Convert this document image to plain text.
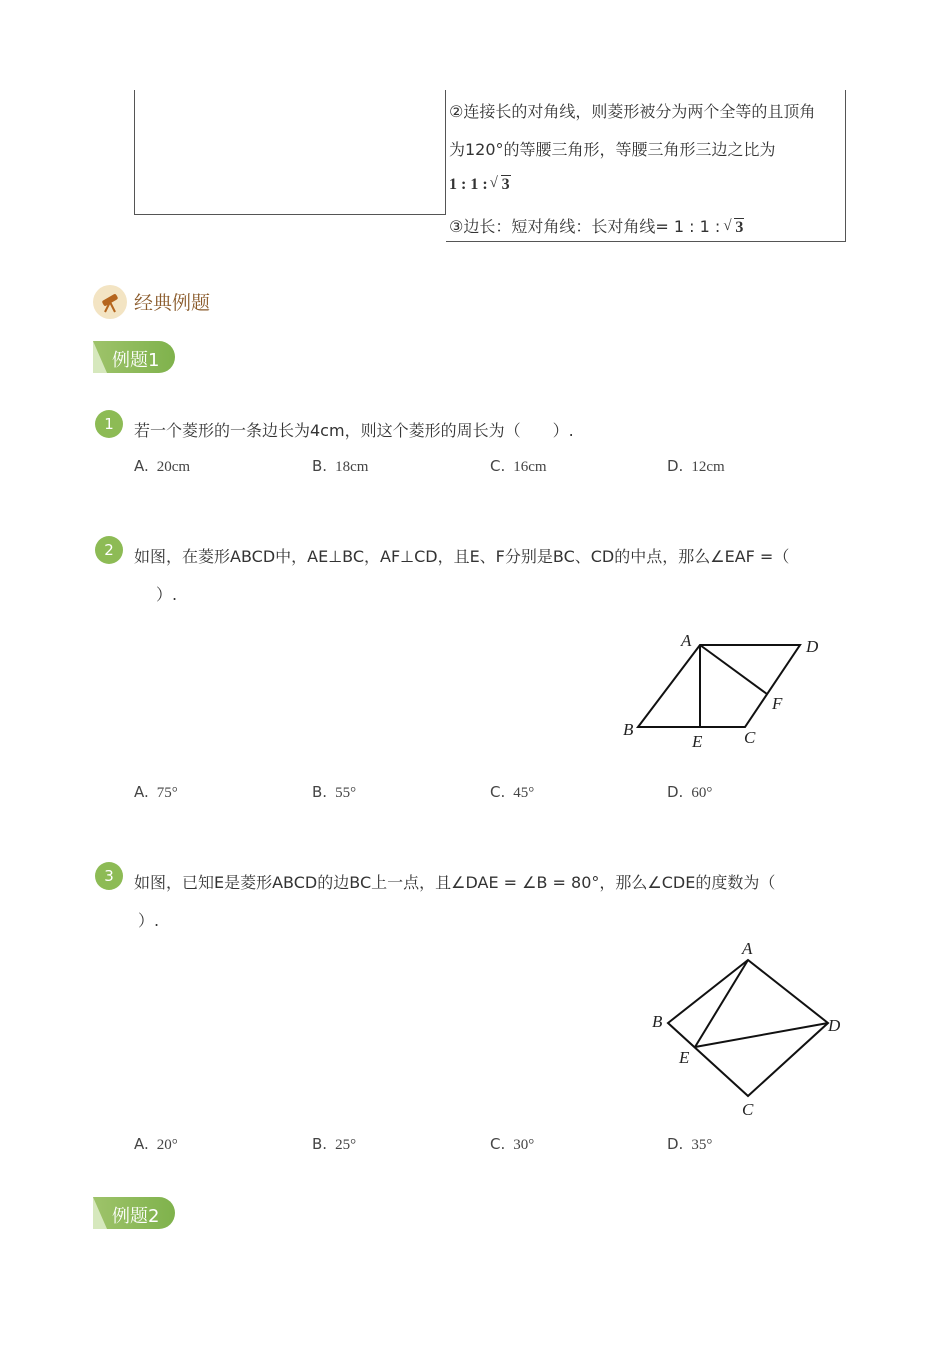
②连接长的对角线，则菱形被分为两个全等的且顶角
为120°的等腰三角形，等腰三角形三边之比为
1 : 1 : √ 3
③边长：短对角线：长对角线= 1 : 1 : √ 3
经典例题
例题1
1	若一个菱形的一条边长为4cm，则这个菱形的周长为（　　）.
A. 20cm	B. 18cm	C. 16cm	D. 12cm
2	如图，在菱形ABCD中，AE⊥BC，AF⊥CD，且E、F分别是BC、CD的中点，那么∠EAF =（
）.
A	D
F
B
E C
A. 75°	B. 55°	C. 45°	D. 60°
3	如图，已知E是菱形ABCD的边BC上一点，且∠DAE = ∠B = 80°，那么∠CDE的度数为（
）.
A
B	D
E
C
A. 20°	B. 25°	C. 30°	D. 35°
例题2
